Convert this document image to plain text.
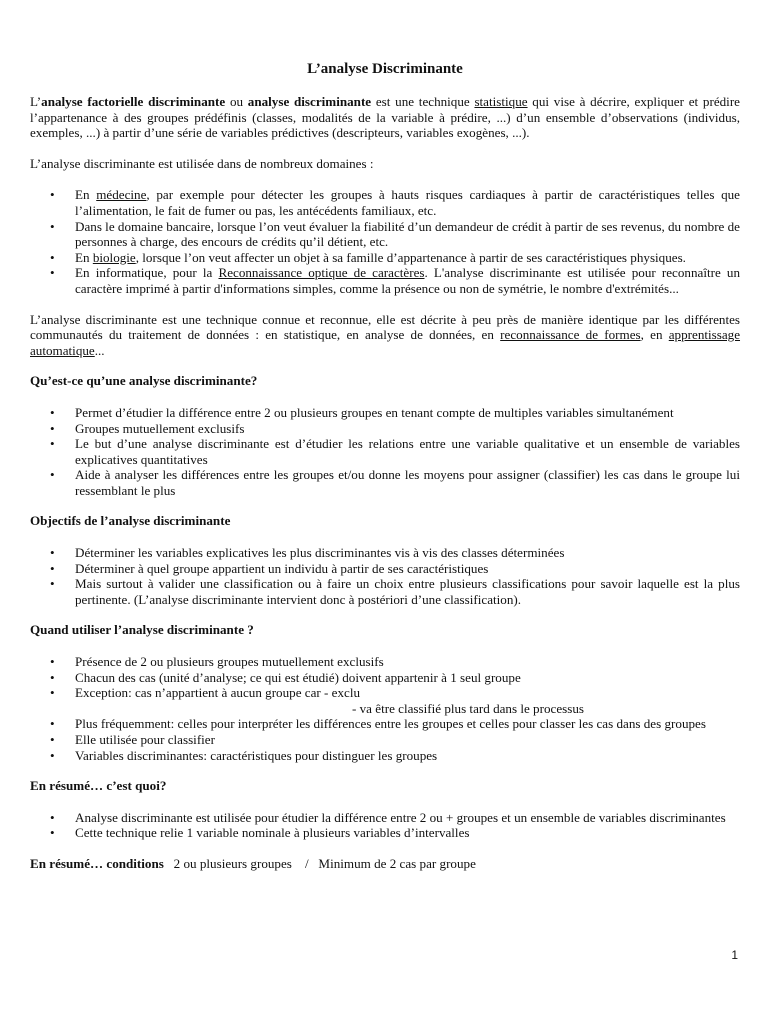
L’analyse Discriminante

L’analyse factorielle discriminante ou analyse discriminante est une technique statistique qui vise à décrire, expliquer et prédire l’appartenance à des groupes prédéfinis (classes, modalités de la variable à prédire, ...) d’un ensemble d’observations (individus, exemples, ...) à partir d’une série de variables prédictives (descripteurs, variables exogènes, ...).

L’analyse discriminante est utilisée dans de nombreux domaines :

• En médecine, par exemple pour détecter les groupes à hauts risques cardiaques à partir de caractéristiques telles que l’alimentation, le fait de fumer ou pas, les antécédents familiaux, etc.
• Dans le domaine bancaire, lorsque l’on veut évaluer la fiabilité d’un demandeur de crédit à partir de ses revenus, du nombre de personnes à charge, des encours de crédits qu’il détient, etc.
• En biologie, lorsque l’on veut affecter un objet à sa famille d’appartenance à partir de ses caractéristiques physiques.
• En informatique, pour la Reconnaissance optique de caractères. L'analyse discriminante est utilisée pour reconnaître un caractère imprimé à partir d'informations simples, comme la présence ou non de symétrie, le nombre d'extrémités...

L’analyse discriminante est une technique connue et reconnue, elle est décrite à peu près de manière identique par les différentes communautés du traitement de données : en statistique, en analyse de données, en reconnaissance de formes, en apprentissage automatique...

Qu’est-ce qu’une analyse discriminante?

• Permet d’étudier la différence entre 2 ou plusieurs groupes en tenant compte de multiples variables simultanément
• Groupes mutuellement exclusifs
• Le but d’une analyse discriminante est d’étudier les relations entre une variable qualitative et un ensemble de variables explicatives quantitatives
• Aide à analyser les différences entre les groupes et/ou donne les moyens pour assigner (classifier) les cas dans le groupe lui ressemblant le plus

Objectifs de l’analyse discriminante

• Déterminer les variables explicatives les plus discriminantes vis à vis des classes déterminées
• Déterminer à quel groupe appartient un individu à partir de ses caractéristiques
• Mais surtout à valider une classification ou à faire un choix entre plusieurs classifications pour savoir laquelle est la plus pertinente. (L’analyse discriminante intervient donc à postériori d’une classification).

Quand utiliser l’analyse discriminante ?

• Présence de 2 ou plusieurs groupes mutuellement exclusifs
• Chacun des cas (unité d’analyse; ce qui est étudié) doivent appartenir à 1 seul groupe
• Exception: cas n’appartient à aucun groupe car - exclu
- va être classifié plus tard dans le processus
• Plus fréquemment: celles pour interpréter les différences entre les groupes et celles pour classer les cas dans des groupes
• Elle utilisée pour classifier
• Variables discriminantes: caractéristiques pour distinguer les groupes

En résumé… c’est quoi?

• Analyse discriminante est utilisée pour étudier la différence entre 2 ou + groupes et un ensemble de variables discriminantes
• Cette technique relie 1 variable nominale à plusieurs variables d’intervalles

En résumé… conditions   2 ou plusieurs groupes    /   Minimum de 2 cas par groupe

1
